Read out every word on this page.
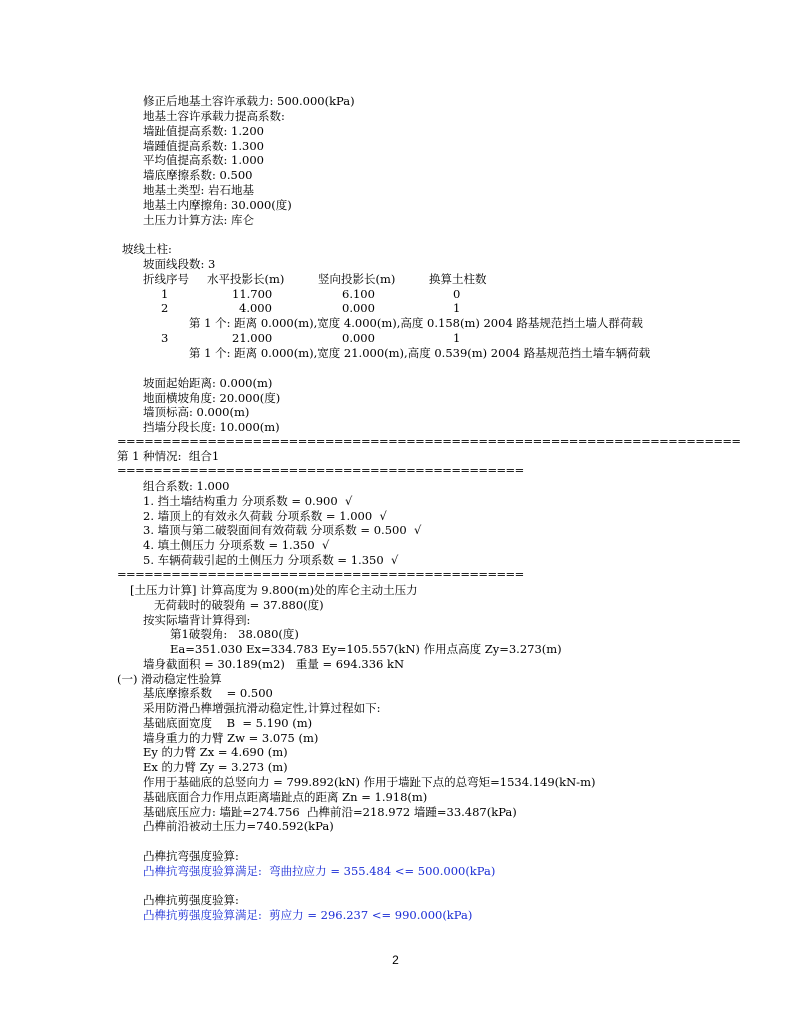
修正后地基土容许承载力: 500.000(kPa)
地基土容许承载力提高系数:
墙趾值提高系数: 1.200
墙踵值提高系数: 1.300
平均值提高系数: 1.000
墙底摩擦系数: 0.500
地基土类型: 岩石地基
地基土内摩擦角: 30.000(度)
土压力计算方法: 库仑
坡线土柱:
坡面线段数: 3
折线序号 水平投影长(m)	竖向投影长(m)	换算土柱数
1	11.700	6.100	0
2	4.000	0.000	1
第 1 个: 距离 0.000(m),宽度 4.000(m),高度 0.158(m) 2004 路基规范挡土墙人群荷载
3	21.000	0.000	1
第 1 个: 距离 0.000(m),宽度 21.000(m),高度 0.539(m) 2004 路基规范挡土墙车辆荷载
坡面起始距离: 0.000(m)
地面横坡角度: 20.000(度)
墙顶标高: 0.000(m)
挡墙分段长度: 10.000(m)
=====================================================================
第 1 种情况:  组合1
=============================================
组合系数: 1.000
1. 挡土墙结构重力 分项系数 = 0.900  √
2. 墙顶上的有效永久荷载 分项系数 = 1.000  √
3. 墙顶与第二破裂面间有效荷载 分项系数 = 0.500  √
4. 填土侧压力 分项系数 = 1.350  √
5. 车辆荷载引起的土侧压力 分项系数 = 1.350  √
=============================================
[土压力计算] 计算高度为 9.800(m)处的库仑主动土压力
无荷载时的破裂角 = 37.880(度)
按实际墙背计算得到:
第1破裂角:   38.080(度)
Ea=351.030 Ex=334.783 Ey=105.557(kN) 作用点高度 Zy=3.273(m)
墙身截面积 = 30.189(m2)   重量 = 694.336 kN
(一) 滑动稳定性验算
基底摩擦系数    = 0.500
采用防滑凸榫增强抗滑动稳定性,计算过程如下:
基础底面宽度    B  = 5.190 (m)
墙身重力的力臂 Zw = 3.075 (m)
Ey 的力臂 Zx = 4.690 (m)
Ex 的力臂 Zy = 3.273 (m)
作用于基础底的总竖向力 = 799.892(kN) 作用于墙趾下点的总弯矩=1534.149(kN-m)
基础底面合力作用点距离墙趾点的距离 Zn = 1.918(m)
基础底压应力: 墙趾=274.756  凸榫前沿=218.972 墙踵=33.487(kPa)
凸榫前沿被动土压力=740.592(kPa)
凸榫抗弯强度验算:
凸榫抗弯强度验算满足:  弯曲拉应力 = 355.484 <= 500.000(kPa)
凸榫抗剪强度验算:
凸榫抗剪强度验算满足:  剪应力 = 296.237 <= 990.000(kPa)
2
